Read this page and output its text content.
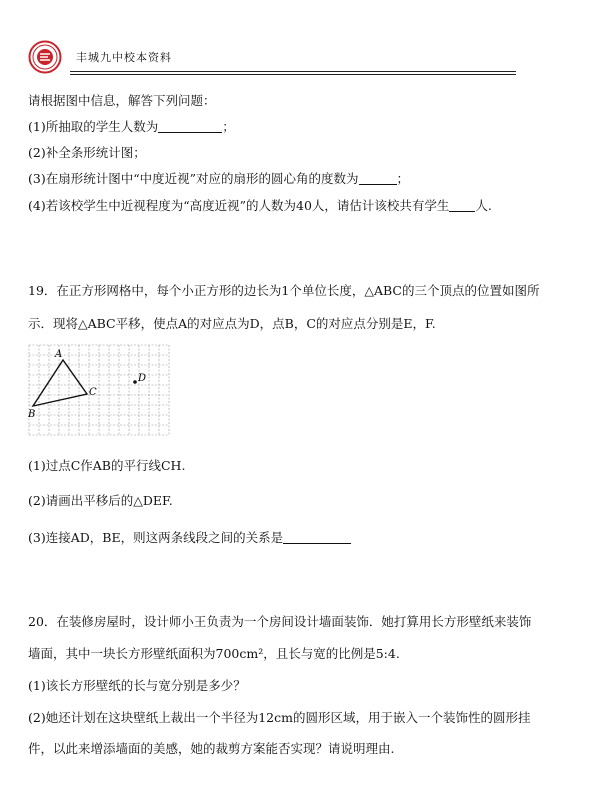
丰城九中校本资料
请根据图中信息，解答下列问题：
(1)所抽取的学生人数为	；
(2)补全条形统计图；
(3)在扇形统计图中“中度近视”对应的扇形的圆心角的度数为	；
(4)若该校学生中近视程度为“高度近视”的人数为40人，请估计该校共有学生 人.
19．在正方形网格中，每个小正方形的边长为1个单位长度，△ABC的三个顶点的位置如图所
示．现将△ABC平移，使点A的对应点为D，点B，C的对应点分别是E，F.
A
B
C
D
(1)过点C作AB的平行线CH.
(2)请画出平移后的△DEF.
(3)连接AD，BE，则这两条线段之间的关系是
20．在装修房屋时，设计师小王负责为一个房间设计墙面装饰．她打算用长方形壁纸来装饰
墙面，其中一块长方形壁纸面积为700cm²，且长与宽的比例是5:4.
(1)该长方形壁纸的长与宽分别是多少？
(2)她还计划在这块壁纸上裁出一个半径为12cm的圆形区域，用于嵌入一个装饰性的圆形挂
件，以此来增添墙面的美感，她的裁剪方案能否实现？请说明理由.
